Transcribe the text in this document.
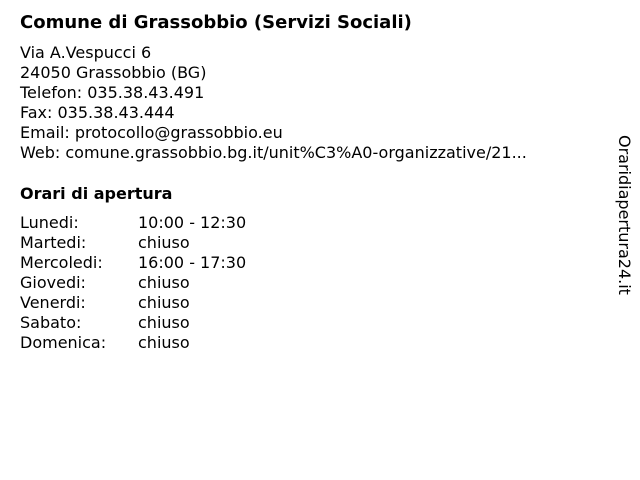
Comune di Grassobbio (Servizi Sociali)
Via A.Vespucci 6
24050 Grassobbio (BG)
Telefon: 035.38.43.491
Fax: 035.38.43.444
Email: protocollo@grassobbio.eu
Web: comune.grassobbio.bg.it/unit%C3%A0-organizzative/21...
Orari di apertura
Lunedi:	10:00 - 12:30
Martedi:	chiuso
Mercoledi: 16:00 - 17:30
Giovedi:	chiuso
Venerdi:	chiuso
Sabato:	chiuso
Domenica: chiuso
Oraridiapertura24.it
